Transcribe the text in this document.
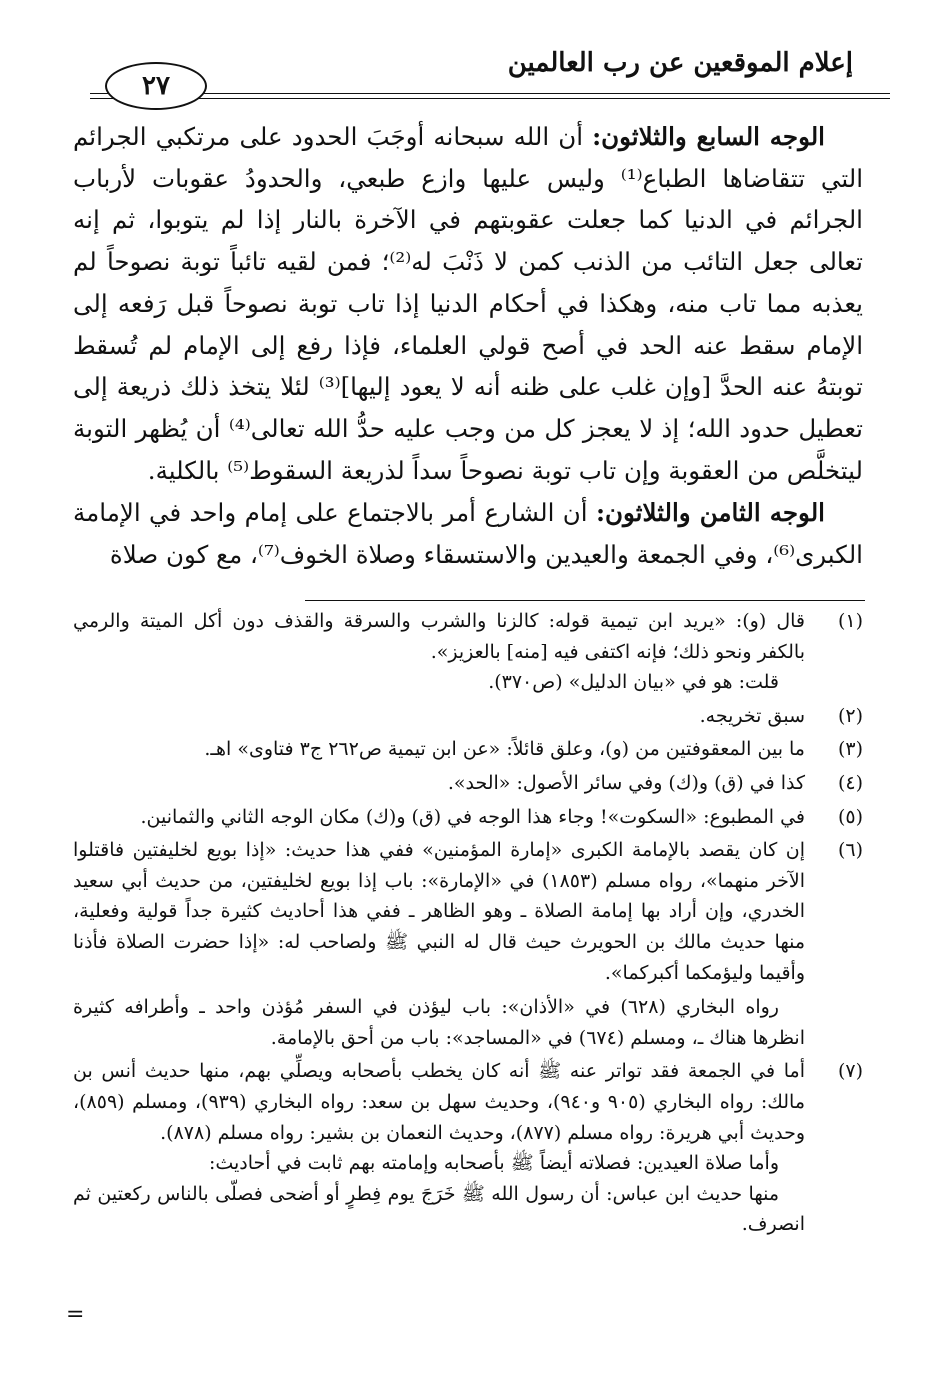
إعلام الموقعين عن رب العالمين
٢٧

الوجه السابع والثلاثون: أن الله سبحانه أوجَبَ الحدود على مرتكبي الجرائم التي تتقاضاها الطباع⁽¹⁾ وليس عليها وازع طبعي، والحدودُ عقوبات لأرباب الجرائم في الدنيا كما جعلت عقوبتهم في الآخرة بالنار إذا لم يتوبوا، ثم إنه تعالى جعل التائب من الذنب كمن لا ذَنْبَ له⁽²⁾؛ فمن لقيه تائباً توبة نصوحاً لم يعذبه مما تاب منه، وهكذا في أحكام الدنيا إذا تاب توبة نصوحاً قبل رَفعه إلى الإمام سقط عنه الحد في أصح قولي العلماء، فإذا رفع إلى الإمام لم تُسقط توبتهُ عنه الحدَّ [وإن غلب على ظنه أنه لا يعود إليها]⁽³⁾ لئلا يتخذ ذلك ذريعة إلى تعطيل حدود الله؛ إذ لا يعجز كل من وجب عليه حدُّ الله تعالى⁽⁴⁾ أن يُظهر التوبة ليتخلَّص من العقوبة وإن تاب توبة نصوحاً سداً لذريعة السقوط⁽⁵⁾ بالكلية.

الوجه الثامن والثلاثون: أن الشارع أمر بالاجتماع على إمام واحد في الإمامة الكبرى⁽⁶⁾، وفي الجمعة والعيدين والاستسقاء وصلاة الخوف⁽⁷⁾، مع كون صلاة

(١)

قال (و): «يريد ابن تيمية قوله: كالزنا والشرب والسرقة والقذف دون أكل الميتة والرمي بالكفر ونحو ذلك؛ فإنه اكتفى فيه [منه] بالعزيز».

قلت: هو في «بيان الدليل» (ص٣٧٠).

(٢)

سبق تخريجه.

(٣)

ما بين المعقوفتين من (و)، وعلق قائلاً: «عن ابن تيمية ص٢٦٢ ج٣ فتاوى» اهـ.

(٤)

كذا في (ق) و(ك) وفي سائر الأصول: «الحد».

(٥)

في المطبوع: «السكوت»! وجاء هذا الوجه في (ق) و(ك) مكان الوجه الثاني والثمانين.

(٦)

إن كان يقصد بالإمامة الكبرى «إمارة المؤمنين» ففي هذا حديث: «إذا بويع لخليفتين فاقتلوا الآخر منهما»، رواه مسلم (١٨٥٣) في «الإمارة»: باب إذا بويع لخليفتين، من حديث أبي سعيد الخدري، وإن أراد بها إمامة الصلاة ـ وهو الظاهر ـ ففي هذا أحاديث كثيرة جداً قولية وفعلية، منها حديث مالك بن الحويرث حيث قال له النبي ﷺ ولصاحب له: «إذا حضرت الصلاة فأذنا وأقيما وليؤمكما أكبركما».

رواه البخاري (٦٢٨) في «الأذان»: باب ليؤذن في السفر مُؤذن واحد ـ وأطرافه كثيرة انظرها هناك ـ، ومسلم (٦٧٤) في «المساجد»: باب من أحق بالإمامة.

(٧)

أما في الجمعة فقد تواتر عنه ﷺ أنه كان يخطب بأصحابه ويصلِّي بهم، منها حديث أنس بن مالك: رواه البخاري (٩٠٥ و٩٤٠)، وحديث سهل بن سعد: رواه البخاري (٩٣٩)، ومسلم (٨٥٩)، وحديث أبي هريرة: رواه مسلم (٨٧٧)، وحديث النعمان بن بشير: رواه مسلم (٨٧٨).

وأما صلاة العيدين: فصلاته أيضاً ﷺ بأصحابه وإمامته بهم ثابت في أحاديث:

منها حديث ابن عباس: أن رسول الله ﷺ خَرَجَ يوم فِطرٍ أو أضحى فصلّى بالناس ركعتين ثم انصرف.

=
